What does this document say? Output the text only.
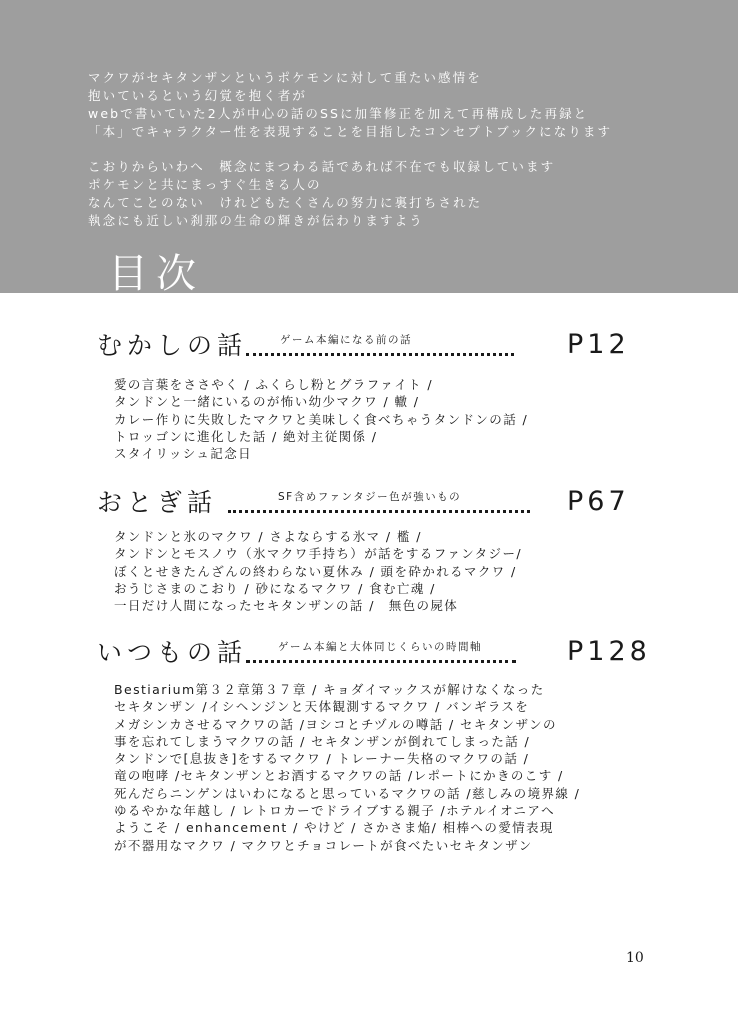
マクワがセキタンザンというポケモンに対して重たい感情を
抱いているという幻覚を抱く者が
webで書いていた2人が中心の話のSSに加筆修正を加えて再構成した再録と
「本」でキャラクター性を表現することを目指したコンセプトブックになります
こおりからいわへ　概念にまつわる話であれば不在でも収録しています
ポケモンと共にまっすぐ生きる人の
なんてことのない　けれどもたくさんの努力に裏打ちされた
執念にも近しい刹那の生命の輝きが伝わりますよう
目次
むかしの話	ゲーム本編になる前の話	P12
愛の言葉をささやく / ふくらし粉とグラファイト /
タンドンと一緒にいるのが怖い幼少マクワ / 轍 /
カレー作りに失敗したマクワと美味しく食べちゃうタンドンの話 /
トロッゴンに進化した話 / 絶対主従関係 /
スタイリッシュ記念日
おとぎ話	SF含めファンタジー色が強いもの	P67
タンドンと氷のマクワ / さよならする氷マ / 檻 /
タンドンとモスノウ（氷マクワ手持ち）が話をするファンタジー/
ぼくとせきたんざんの終わらない夏休み / 頭を砕かれるマクワ /
おうじさまのこおり / 砂になるマクワ / 食む亡魂 /
一日だけ人間になったセキタンザンの話 /　無色の屍体
いつもの話	ゲーム本編と大体同じくらいの時間軸	P128
Bestiarium第３２章第３７章 / キョダイマックスが解けなくなった
セキタンザン /イシヘンジンと天体観測するマクワ / バンギラスを
メガシンカさせるマクワの話 /ヨシコとチヅルの噂話 / セキタンザンの
事を忘れてしまうマクワの話 / セキタンザンが倒れてしまった話 /
タンドンで[息抜き]をするマクワ / トレーナー失格のマクワの話 /
竜の咆哮 /セキタンザンとお酒するマクワの話 /レポートにかきのこす /
死んだらニンゲンはいわになると思っているマクワの話 /慈しみの境界線 /
ゆるやかな年越し / レトロカーでドライブする親子 /ホテルイオニアへ
ようこそ / enhancement / やけど / さかさま焔/ 相棒への愛情表現
が不器用なマクワ / マクワとチョコレートが食べたいセキタンザン
10
